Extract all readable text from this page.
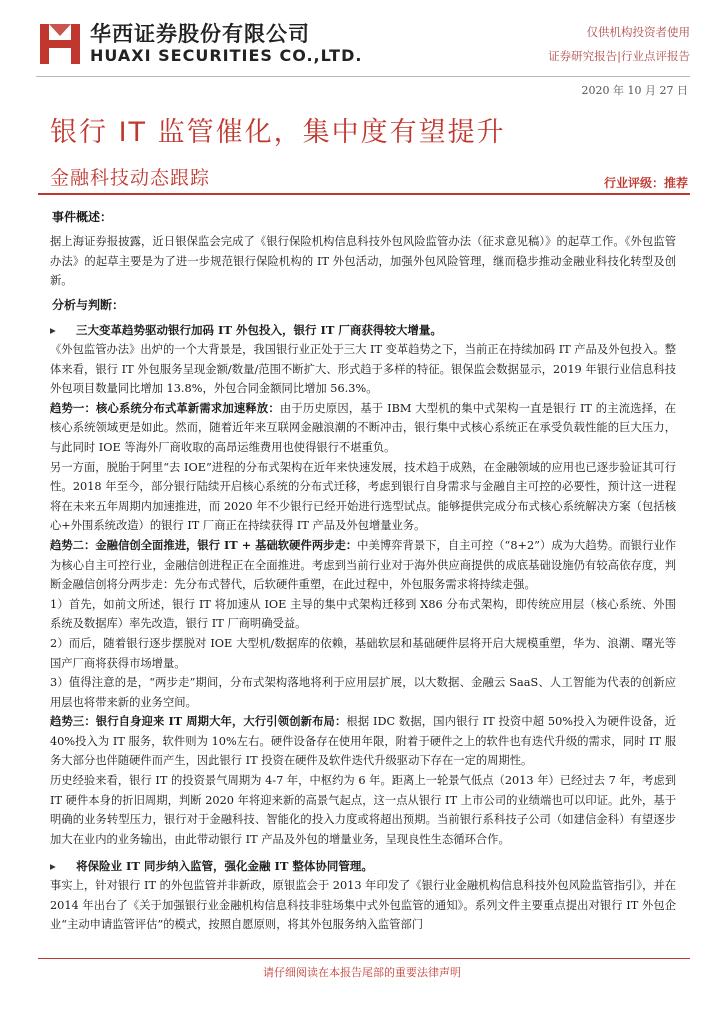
华西证券股份有限公司
HUAXI SECURITIES CO.,LTD.
仅供机构投资者使用
证券研究报告|行业点评报告
2020 年 10 月 27 日
银行 IT 监管催化，集中度有望提升
金融科技动态跟踪	行业评级：推荐
事件概述：

据上海证券报披露，近日银保监会完成了《银行保险机构信息科技外包风险监管办法（征求意见稿）》的起草工作。《外包监管办法》的起草主要是为了进一步规范银行保险机构的 IT 外包活动，加强外包风险管理，继而稳步推动金融业科技化转型及创新。

分析与判断：
▸ 三大变革趋势驱动银行加码 IT 外包投入，银行 IT 厂商获得较大增量。

《外包监管办法》出炉的一个大背景是，我国银行业正处于三大 IT 变革趋势之下，当前正在持续加码 IT 产品及外包投入。整体来看，银行 IT 外包服务呈现金额/数量/范围不断扩大、形式趋于多样的特征。银保监会数据显示，2019 年银行业信息科技外包项目数量同比增加 13.8%，外包合同金额同比增加 56.3%。

趋势一：核心系统分布式革新需求加速释放：由于历史原因，基于 IBM 大型机的集中式架构一直是银行 IT 的主流选择，在核心系统领域更是如此。然而，随着近年来互联网金融浪潮的不断冲击，银行集中式核心系统正在承受负载性能的巨大压力，与此同时 IOE 等海外厂商收取的高昂运维费用也使得银行不堪重负。

另一方面，脱胎于阿里“去 IOE”进程的分布式架构在近年来快速发展，技术趋于成熟，在金融领域的应用也已逐步验证其可行性。2018 年至今，部分银行陆续开启核心系统的分布式迁移，考虑到银行自身需求与金融自主可控的必要性，预计这一进程将在未来五年周期内加速推进，而 2020 年不少银行已经开始进行选型试点。能够提供完成分布式核心系统解决方案（包括核心+外围系统改造）的银行 IT 厂商正在持续获得 IT 产品及外包增量业务。

趋势二：金融信创全面推进，银行 IT + 基础软硬件两步走：中美博弈背景下，自主可控（“8+2”）成为大趋势。而银行业作为核心自主可控行业，金融信创进程正在全面推进。考虑到当前行业对于海外供应商提供的成底基础设施仍有较高依存度，判断金融信创将分两步走：先分布式替代，后软硬件重塑，在此过程中，外包服务需求将持续走强。

1）首先，如前文所述，银行 IT 将加速从 IOE 主导的集中式架构迁移到 X86 分布式架构，即传统应用层（核心系统、外围系统及数据库）率先改造，银行 IT 厂商明确受益。

2）而后，随着银行逐步摆脱对 IOE 大型机/数据库的依赖，基础软层和基础硬件层将开启大规模重塑，华为、浪潮、曙光等国产厂商将获得市场增量。

3）值得注意的是，“两步走”期间，分布式架构落地将利于应用层扩展，以大数据、金融云 SaaS、人工智能为代表的创新应用层也将带来新的业务空间。

趋势三：银行自身迎来 IT 周期大年，大行引领创新布局：根据 IDC 数据，国内银行 IT 投资中超 50%投入为硬件设备，近 40%投入为 IT 服务，软件则为 10%左右。硬件设备存在使用年限，附着于硬件之上的软件也有迭代升级的需求，同时 IT 服务大部分也伴随硬件而产生，因此银行 IT 投资在硬件及软件迭代升级驱动下存在一定的周期性。

历史经验来看，银行 IT 的投资景气周期为 4-7 年，中枢约为 6 年。距离上一轮景气低点（2013 年）已经过去 7 年，考虑到 IT 硬件本身的折旧周期，判断 2020 年将迎来新的高景气起点，这一点从银行 IT 上市公司的业绩端也可以印证。此外，基于明确的业务转型压力，银行对于金融科技、智能化的投入力度或将超出预期。当前银行系科技子公司（如建信金科）有望逐步加大在业内的业务输出，由此带动银行 IT 产品及外包的增量业务，呈现良性生态循环合作。

▸ 将保险业 IT 同步纳入监管，强化金融 IT 整体协同管理。

事实上，针对银行 IT 的外包监管并非新政，原银监会于 2013 年印发了《银行业金融机构信息科技外包风险监管指引》，并在 2014 年出台了《关于加强银行业金融机构信息科技非驻场集中式外包监管的通知》。系列文件主要重点提出对银行 IT 外包企业“主动申请监管评估”的模式，按照自愿原则，将其外包服务纳入监管部门

请仔细阅读在本报告尾部的重要法律声明
